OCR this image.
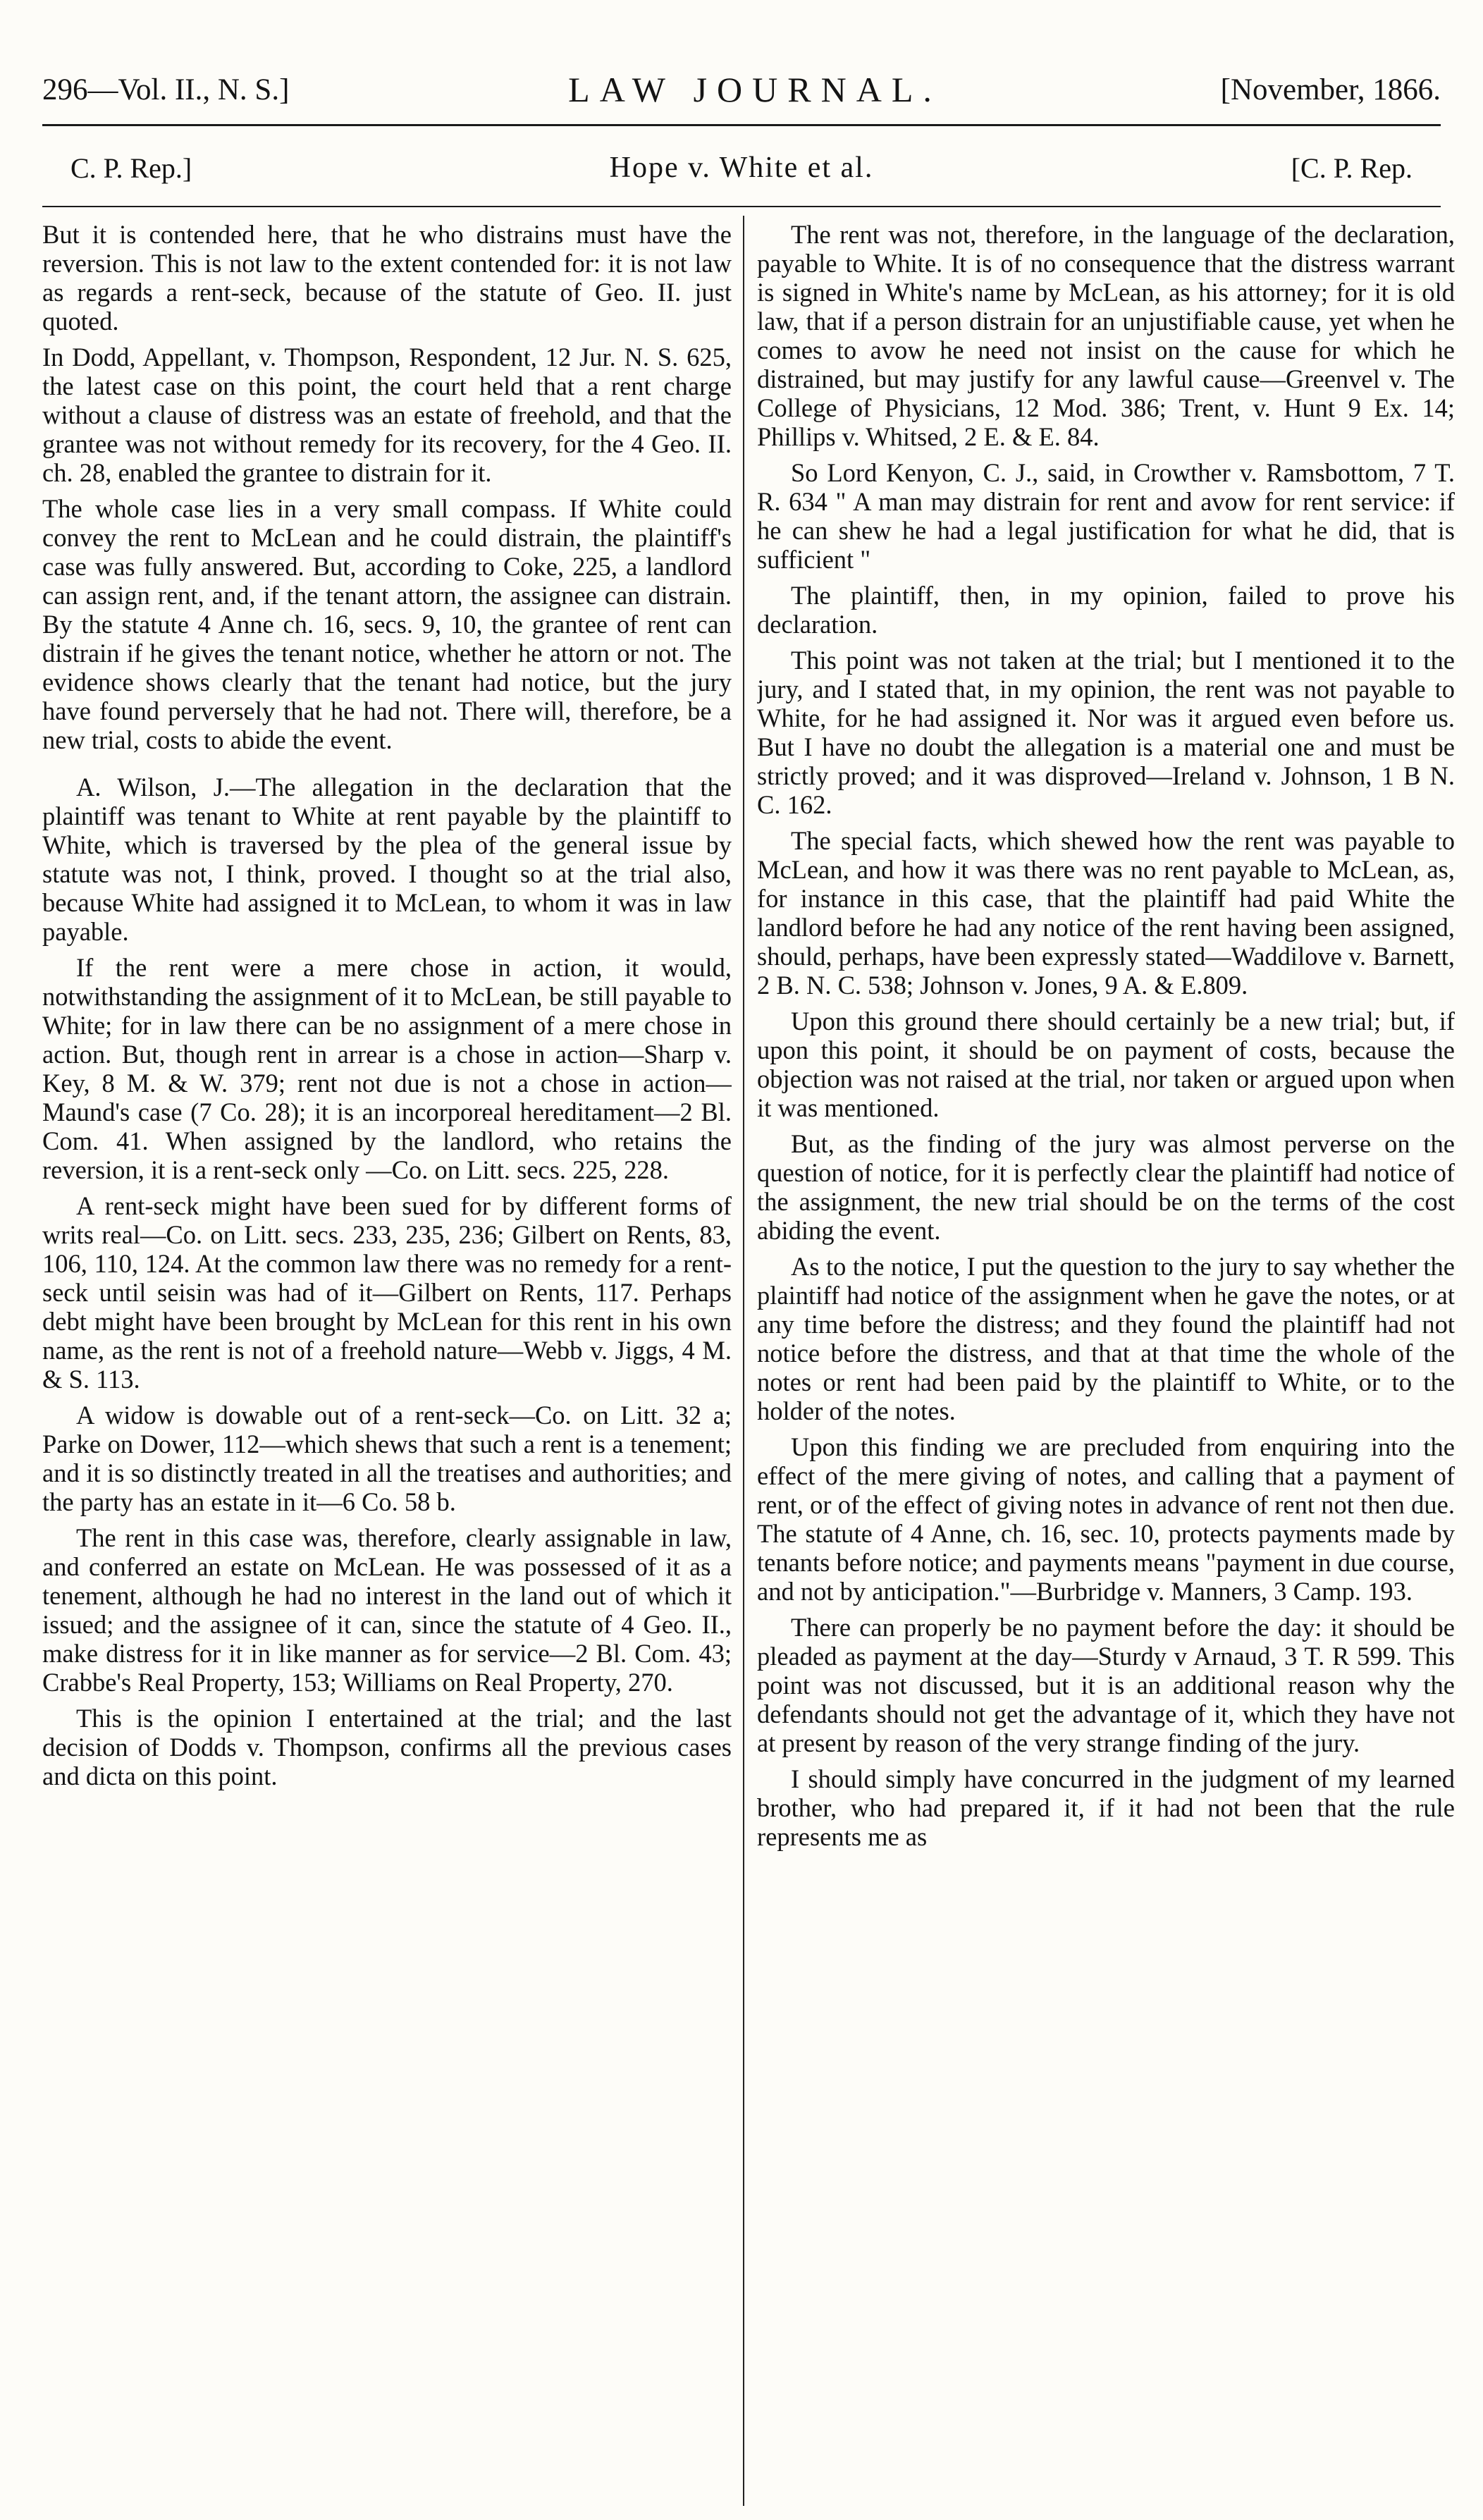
296—Vol. II., N. S.]	LAW JOURNAL.	[November, 1866.
C. P. Rep.]	Hope v. White et al.	[C. P. Rep.

But it is contended here, that he who distrains must have the reversion. This is not law to the extent contended for: it is not law as regards a rent-seck, because of the statute of Geo. II. just quoted.

In Dodd, Appellant, v. Thompson, Respondent, 12 Jur. N. S. 625, the latest case on this point, the court held that a rent charge without a clause of distress was an estate of freehold, and that the grantee was not without remedy for its recovery, for the 4 Geo. II. ch. 28, enabled the grantee to distrain for it.

The whole case lies in a very small compass. If White could convey the rent to McLean and he could distrain, the plaintiff's case was fully answered. But, according to Coke, 225, a landlord can assign rent, and, if the tenant attorn, the assignee can distrain. By the statute 4 Anne ch. 16, secs. 9, 10, the grantee of rent can distrain if he gives the tenant notice, whether he attorn or not. The evidence shows clearly that the tenant had notice, but the jury have found perversely that he had not. There will, therefore, be a new trial, costs to abide the event.

A. Wilson, J.—The allegation in the declaration that the plaintiff was tenant to White at rent payable by the plaintiff to White, which is traversed by the plea of the general issue by statute was not, I think, proved. I thought so at the trial also, because White had assigned it to McLean, to whom it was in law payable.

If the rent were a mere chose in action, it would, notwithstanding the assignment of it to McLean, be still payable to White; for in law there can be no assignment of a mere chose in action. But, though rent in arrear is a chose in action—Sharp v. Key, 8 M. & W. 379; rent not due is not a chose in action—Maund's case (7 Co. 28); it is an incorporeal hereditament—2 Bl. Com. 41. When assigned by the landlord, who retains the reversion, it is a rent-seck only —Co. on Litt. secs. 225, 228.

A rent-seck might have been sued for by different forms of writs real—Co. on Litt. secs. 233, 235, 236; Gilbert on Rents, 83, 106, 110, 124. At the common law there was no remedy for a rent-seck until seisin was had of it—Gilbert on Rents, 117. Perhaps debt might have been brought by McLean for this rent in his own name, as the rent is not of a freehold nature—Webb v. Jiggs, 4 M. & S. 113.

A widow is dowable out of a rent-seck—Co. on Litt. 32 a; Parke on Dower, 112—which shews that such a rent is a tenement; and it is so distinctly treated in all the treatises and authorities; and the party has an estate in it—6 Co. 58 b.

The rent in this case was, therefore, clearly assignable in law, and conferred an estate on McLean. He was possessed of it as a tenement, although he had no interest in the land out of which it issued; and the assignee of it can, since the statute of 4 Geo. II., make distress for it in like manner as for service—2 Bl. Com. 43; Crabbe's Real Property, 153; Williams on Real Property, 270.

This is the opinion I entertained at the trial; and the last decision of Dodds v. Thompson, confirms all the previous cases and dicta on this point.

The rent was not, therefore, in the language of the declaration, payable to White. It is of no consequence that the distress warrant is signed in White's name by McLean, as his attorney; for it is old law, that if a person distrain for an unjustifiable cause, yet when he comes to avow he need not insist on the cause for which he distrained, but may justify for any lawful cause—Greenvel v. The College of Physicians, 12 Mod. 386; Trent, v. Hunt 9 Ex. 14; Phillips v. Whitsed, 2 E. & E. 84.

So Lord Kenyon, C. J., said, in Crowther v. Ramsbottom, 7 T. R. 634 " A man may distrain for rent and avow for rent service: if he can shew he had a legal justification for what he did, that is sufficient "

The plaintiff, then, in my opinion, failed to prove his declaration.

This point was not taken at the trial; but I mentioned it to the jury, and I stated that, in my opinion, the rent was not payable to White, for he had assigned it. Nor was it argued even before us. But I have no doubt the allegation is a material one and must be strictly proved; and it was disproved—Ireland v. Johnson, 1 B N. C. 162.

The special facts, which shewed how the rent was payable to McLean, and how it was there was no rent payable to McLean, as, for instance in this case, that the plaintiff had paid White the landlord before he had any notice of the rent having been assigned, should, perhaps, have been expressly stated—Waddilove v. Barnett, 2 B. N. C. 538; Johnson v. Jones, 9 A. & E.809.

Upon this ground there should certainly be a new trial; but, if upon this point, it should be on payment of costs, because the objection was not raised at the trial, nor taken or argued upon when it was mentioned.

But, as the finding of the jury was almost perverse on the question of notice, for it is perfectly clear the plaintiff had notice of the assignment, the new trial should be on the terms of the cost abiding the event.

As to the notice, I put the question to the jury to say whether the plaintiff had notice of the assignment when he gave the notes, or at any time before the distress; and they found the plaintiff had not notice before the distress, and that at that time the whole of the notes or rent had been paid by the plaintiff to White, or to the holder of the notes.

Upon this finding we are precluded from enquiring into the effect of the mere giving of notes, and calling that a payment of rent, or of the effect of giving notes in advance of rent not then due. The statute of 4 Anne, ch. 16, sec. 10, protects payments made by tenants before notice; and payments means "payment in due course, and not by anticipation."—Burbridge v. Manners, 3 Camp. 193.

There can properly be no payment before the day: it should be pleaded as payment at the day—Sturdy v Arnaud, 3 T. R 599. This point was not discussed, but it is an additional reason why the defendants should not get the advantage of it, which they have not at present by reason of the very strange finding of the jury.

I should simply have concurred in the judgment of my learned brother, who had prepared it, if it had not been that the rule represents me as
